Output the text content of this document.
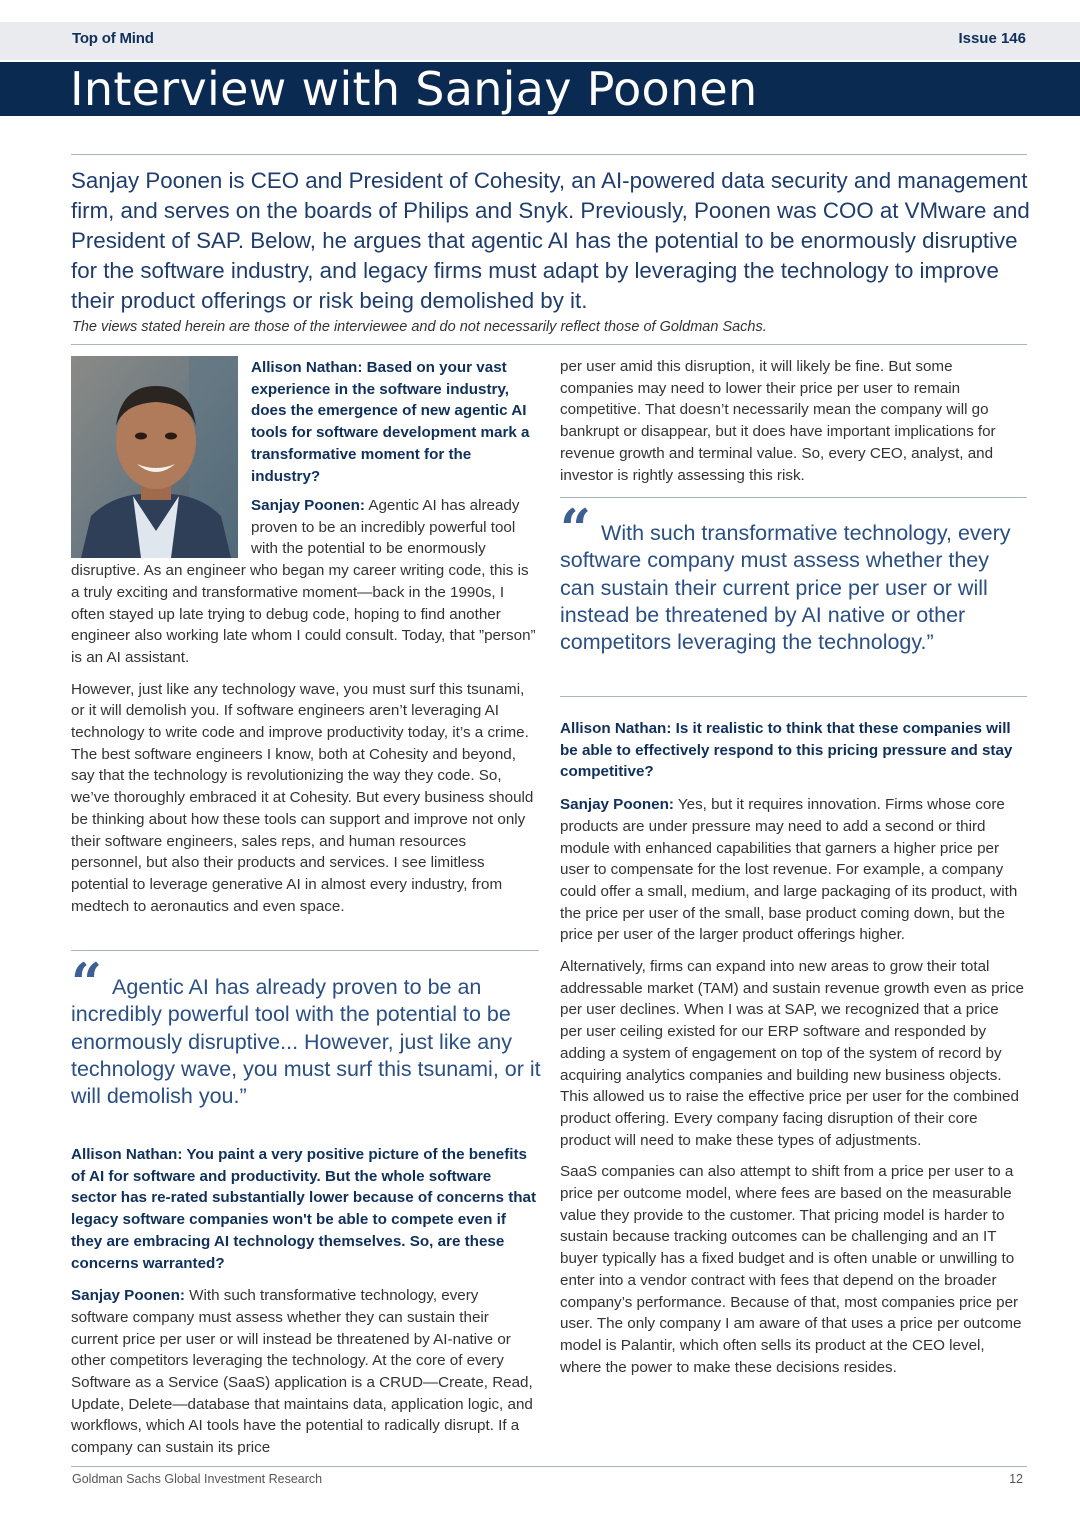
Top of Mind	Issue 146
Interview with Sanjay Poonen

Sanjay Poonen is CEO and President of Cohesity, an AI-powered data security and management firm, and serves on the boards of Philips and Snyk. Previously, Poonen was COO at VMware and President of SAP. Below, he argues that agentic AI has the potential to be enormously disruptive for the software industry, and legacy firms must adapt by leveraging the technology to improve their product offerings or risk being demolished by it.

The views stated herein are those of the interviewee and do not necessarily reflect those of Goldman Sachs.

Allison Nathan: Based on your vast experience in the software industry, does the emergence of new agentic AI tools for software development mark a transformative moment for the industry?

Sanjay Poonen: Agentic AI has already proven to be an incredibly powerful tool with the potential to be enormously disruptive. As an engineer who began my career writing code, this is a truly exciting and transformative moment—back in the 1990s, I often stayed up late trying to debug code, hoping to find another engineer also working late whom I could consult. Today, that ”person” is an AI assistant.

However, just like any technology wave, you must surf this tsunami, or it will demolish you. If software engineers aren’t leveraging AI technology to write code and improve productivity today, it’s a crime. The best software engineers I know, both at Cohesity and beyond, say that the technology is revolutionizing the way they code. So, we’ve thoroughly embraced it at Cohesity. But every business should be thinking about how these tools can support and improve not only their software engineers, sales reps, and human resources personnel, but also their products and services. I see limitless potential to leverage generative AI in almost every industry, from medtech to aeronautics and even space.

“ Agentic AI has already proven to be an incredibly powerful tool with the potential to be enormously disruptive... However, just like any technology wave, you must surf this tsunami, or it will demolish you.”

Allison Nathan: You paint a very positive picture of the benefits of AI for software and productivity. But the whole software sector has re-rated substantially lower because of concerns that legacy software companies won't be able to compete even if they are embracing AI technology themselves. So, are these concerns warranted?

Sanjay Poonen: With such transformative technology, every software company must assess whether they can sustain their current price per user or will instead be threatened by AI-native or other competitors leveraging the technology. At the core of every Software as a Service (SaaS) application is a CRUD—Create, Read, Update, Delete—database that maintains data, application logic, and workflows, which AI tools have the potential to radically disrupt. If a company can sustain its price

per user amid this disruption, it will likely be fine. But some companies may need to lower their price per user to remain competitive. That doesn’t necessarily mean the company will go bankrupt or disappear, but it does have important implications for revenue growth and terminal value. So, every CEO, analyst, and investor is rightly assessing this risk.

“ With such transformative technology, every software company must assess whether they can sustain their current price per user or will instead be threatened by AI native or other competitors leveraging the technology.”

Allison Nathan: Is it realistic to think that these companies will be able to effectively respond to this pricing pressure and stay competitive?

Sanjay Poonen: Yes, but it requires innovation. Firms whose core products are under pressure may need to add a second or third module with enhanced capabilities that garners a higher price per user to compensate for the lost revenue. For example, a company could offer a small, medium, and large packaging of its product, with the price per user of the small, base product coming down, but the price per user of the larger product offerings higher.

Alternatively, firms can expand into new areas to grow their total addressable market (TAM) and sustain revenue growth even as price per user declines. When I was at SAP, we recognized that a price per user ceiling existed for our ERP software and responded by adding a system of engagement on top of the system of record by acquiring analytics companies and building new business objects. This allowed us to raise the effective price per user for the combined product offering. Every company facing disruption of their core product will need to make these types of adjustments.

SaaS companies can also attempt to shift from a price per user to a price per outcome model, where fees are based on the measurable value they provide to the customer. That pricing model is harder to sustain because tracking outcomes can be challenging and an IT buyer typically has a fixed budget and is often unable or unwilling to enter into a vendor contract with fees that depend on the broader company’s performance. Because of that, most companies price per user. The only company I am aware of that uses a price per outcome model is Palantir, which often sells its product at the CEO level, where the power to make these decisions resides.

Goldman Sachs Global Investment Research	12
